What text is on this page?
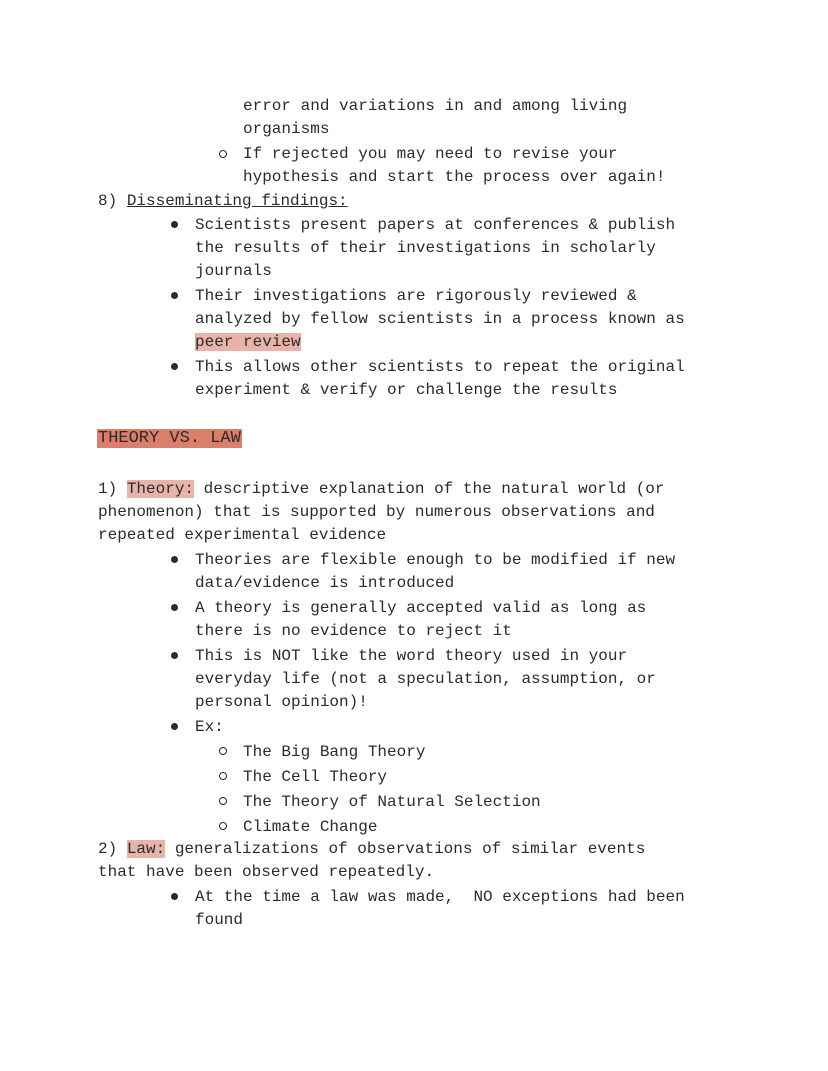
error and variations in and among living
organisms
If rejected you may need to revise your
hypothesis and start the process over again!
8) Disseminating findings:
Scientists present papers at conferences & publish
the results of their investigations in scholarly
journals
Their investigations are rigorously reviewed &
analyzed by fellow scientists in a process known as
peer review
This allows other scientists to repeat the original
experiment & verify or challenge the results
THEORY VS. LAW
1) Theory: descriptive explanation of the natural world (or
phenomenon) that is supported by numerous observations and
repeated experimental evidence
Theories are flexible enough to be modified if new
data/evidence is introduced
A theory is generally accepted valid as long as
there is no evidence to reject it
This is NOT like the word theory used in your
everyday life (not a speculation, assumption, or
personal opinion)!
Ex:
The Big Bang Theory
The Cell Theory
The Theory of Natural Selection
Climate Change
2) Law: generalizations of observations of similar events
that have been observed repeatedly.
At the time a law was made,  NO exceptions had been
found
